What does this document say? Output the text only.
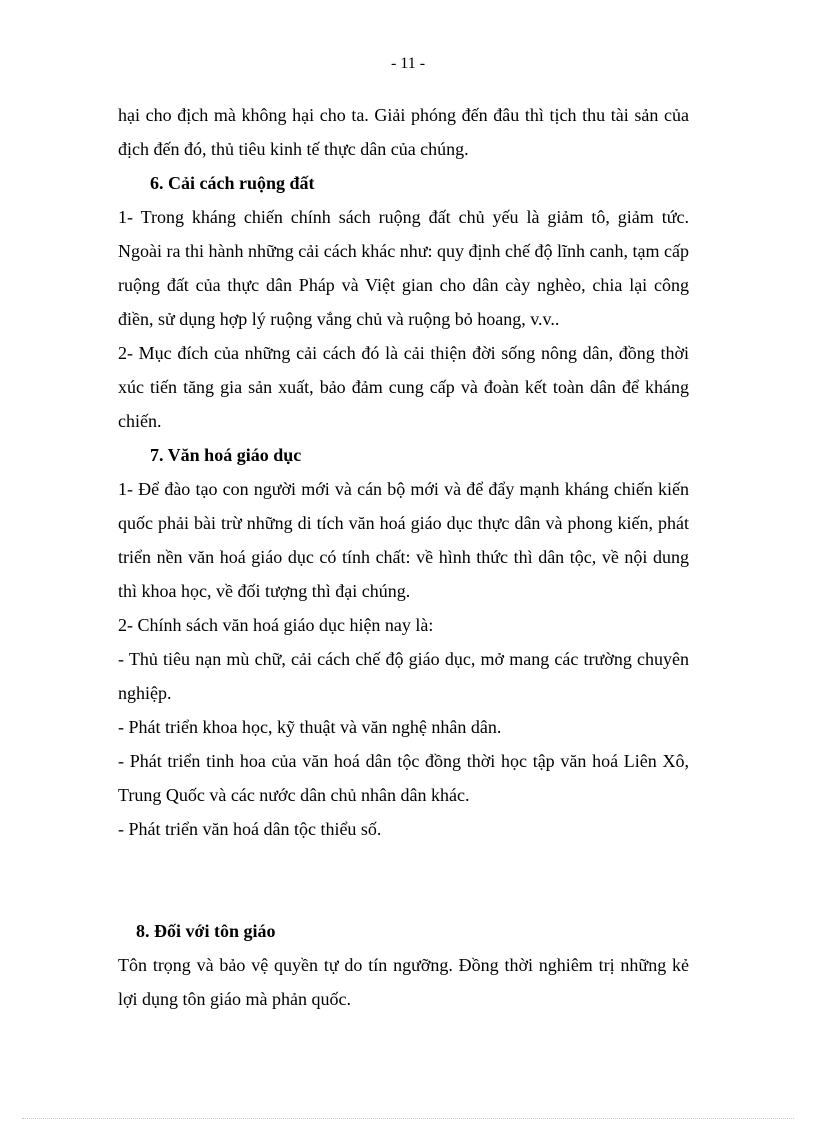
- 11 -

hại cho địch mà không hại cho ta. Giải phóng đến đâu thì tịch thu tài sản của địch đến đó, thủ tiêu kinh tế thực dân của chúng.

6. Cải cách ruộng đất

1- Trong kháng chiến chính sách ruộng đất chủ yếu là giảm tô, giảm tức. Ngoài ra thi hành những cải cách khác như: quy định chế độ lĩnh canh, tạm cấp ruộng đất của thực dân Pháp và Việt gian cho dân cày nghèo, chia lại công điền, sử dụng hợp lý ruộng vắng chủ và ruộng bỏ hoang, v.v..

2- Mục đích của những cải cách đó là cải thiện đời sống nông dân, đồng thời xúc tiến tăng gia sản xuất, bảo đảm cung cấp và đoàn kết toàn dân để kháng chiến.

7. Văn hoá giáo dục

1- Để đào tạo con người mới và cán bộ mới và để đẩy mạnh kháng chiến kiến quốc phải bài trừ những di tích văn hoá giáo dục thực dân và phong kiến, phát triển nền văn hoá giáo dục có tính chất: về hình thức thì dân tộc, về nội dung thì khoa học, về đối tượng thì đại chúng.

2- Chính sách văn hoá giáo dục hiện nay là:

- Thủ tiêu nạn mù chữ, cải cách chế độ giáo dục, mở mang các trường chuyên nghiệp.

- Phát triển khoa học, kỹ thuật và văn nghệ nhân dân.

- Phát triển tinh hoa của văn hoá dân tộc đồng thời học tập văn hoá Liên Xô, Trung Quốc và các nước dân chủ nhân dân khác.

- Phát triển văn hoá dân tộc thiểu số.

8. Đối với tôn giáo

Tôn trọng và bảo vệ quyền tự do tín ngưỡng. Đồng thời nghiêm trị những kẻ lợi dụng tôn giáo mà phản quốc.
